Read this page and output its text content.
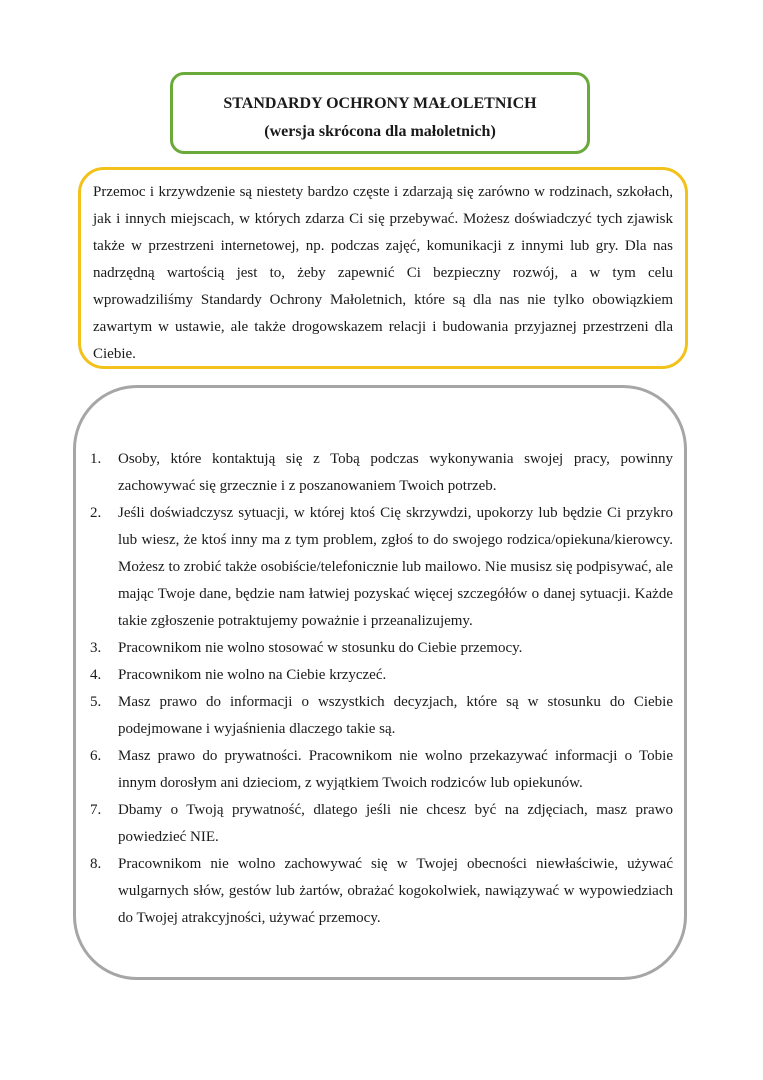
STANDARDY OCHRONY MAŁOLETNICH
(wersja skrócona dla małoletnich)
Przemoc i krzywdzenie są niestety bardzo częste i zdarzają się zarówno w rodzinach, szkołach, jak i innych miejscach, w których zdarza Ci się przebywać. Możesz doświadczyć tych zjawisk także w przestrzeni internetowej, np. podczas zajęć, komunikacji z innymi lub gry. Dla nas nadrzędną wartością jest to, żeby zapewnić Ci bezpieczny rozwój, a w tym celu wprowadziliśmy Standardy Ochrony Małoletnich, które są dla nas nie tylko obowiązkiem zawartym w ustawie, ale także drogowskazem relacji i budowania przyjaznej przestrzeni dla Ciebie.
1. Osoby, które kontaktują się z Tobą podczas wykonywania swojej pracy, powinny zachowywać się grzecznie i z poszanowaniem Twoich potrzeb.
2. Jeśli doświadczysz sytuacji, w której ktoś Cię skrzywdzi, upokorzy lub będzie Ci przykro lub wiesz, że ktoś inny ma z tym problem, zgłoś to do swojego rodzica/opiekuna/kierowcy. Możesz to zrobić także osobiście/telefonicznie lub mailowo. Nie musisz się podpisywać, ale mając Twoje dane, będzie nam łatwiej pozyskać więcej szczegółów o danej sytuacji. Każde takie zgłoszenie potraktujemy poważnie i przeanalizujemy.
3. Pracownikom nie wolno stosować w stosunku do Ciebie przemocy.
4. Pracownikom nie wolno na Ciebie krzyczeć.
5. Masz prawo do informacji o wszystkich decyzjach, które są w stosunku do Ciebie podejmowane i wyjaśnienia dlaczego takie są.
6. Masz prawo do prywatności. Pracownikom nie wolno przekazywać informacji o Tobie innym dorosłym ani dzieciom, z wyjątkiem Twoich rodziców lub opiekunów.
7. Dbamy o Twoją prywatność, dlatego jeśli nie chcesz być na zdjęciach, masz prawo powiedzieć NIE.
8. Pracownikom nie wolno zachowywać się w Twojej obecności niewłaściwie, używać wulgarnych słów, gestów lub żartów, obrażać kogokolwiek, nawiązywać w wypowiedziach do Twojej atrakcyjności, używać przemocy.
